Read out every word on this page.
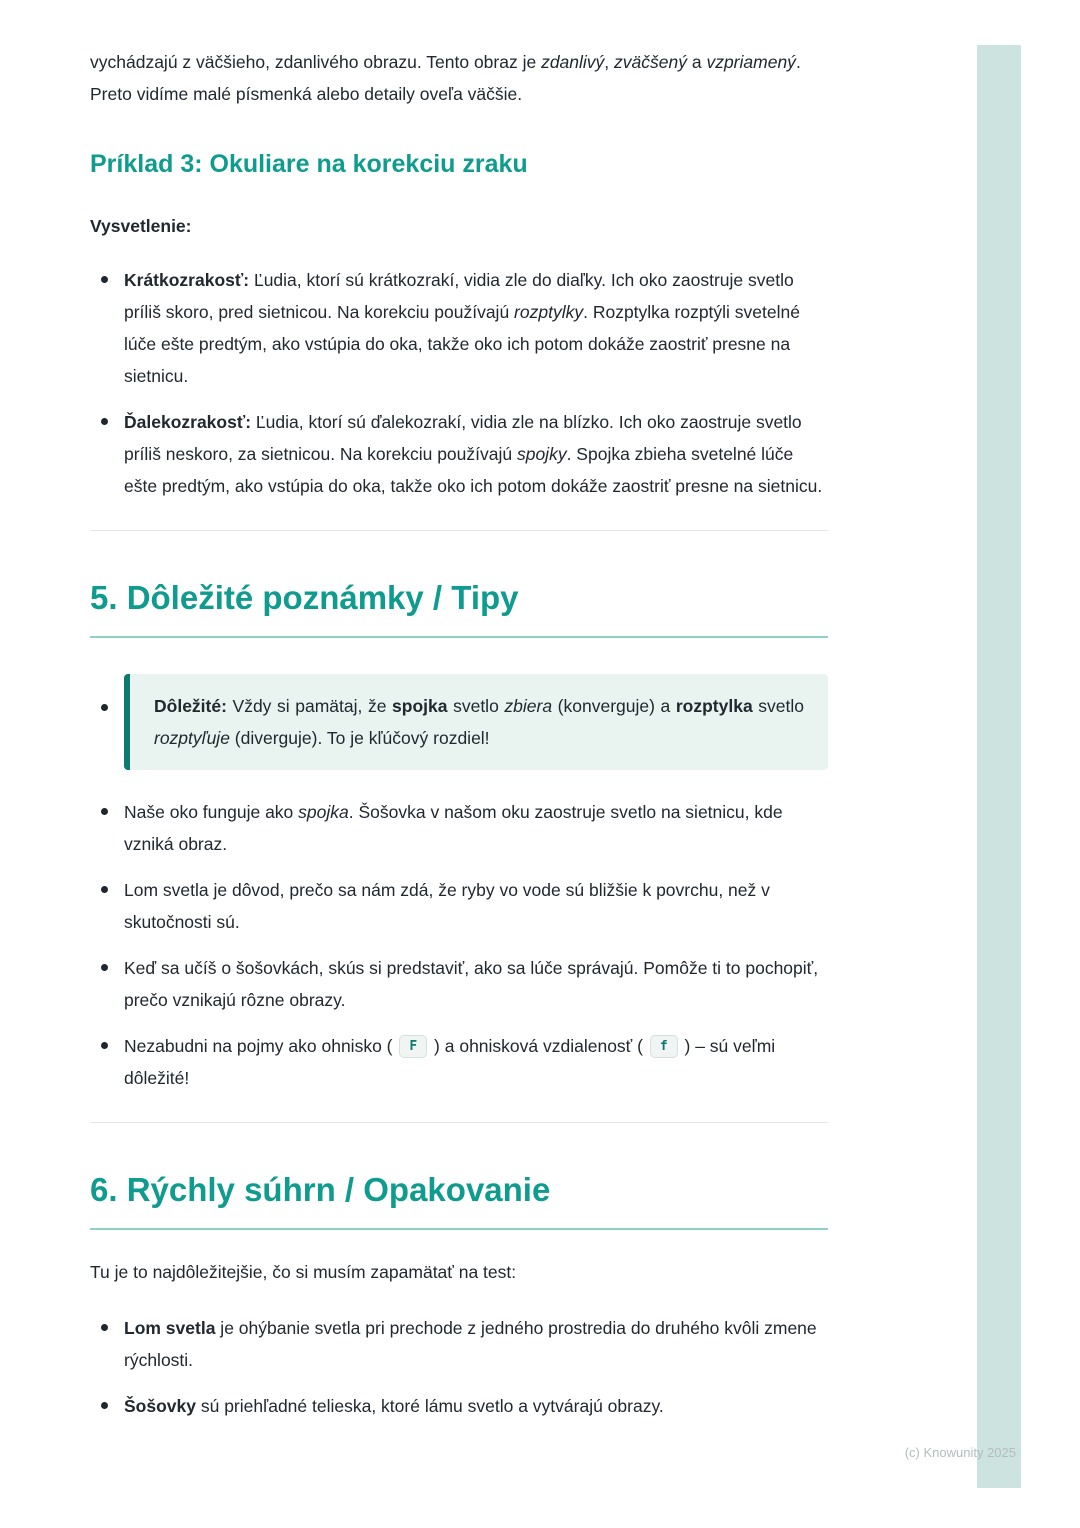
vychádzajú z väčšieho, zdanlivého obrazu. Tento obraz je zdanlivý, zväčšený a vzpriamený. Preto vidíme malé písmenká alebo detaily oveľa väčšie.

Príklad 3: Okuliare na korekciu zraku

Vysvetlenie:

Krátkozrakosť: Ľudia, ktorí sú krátkozrakí, vidia zle do diaľky. Ich oko zaostruje svetlo príliš skoro, pred sietnicou. Na korekciu používajú rozptylky. Rozptylka rozptýli svetelné lúče ešte predtým, ako vstúpia do oka, takže oko ich potom dokáže zaostriť presne na sietnicu.
Ďalekozrakosť: Ľudia, ktorí sú ďalekozrakí, vidia zle na blízko. Ich oko zaostruje svetlo príliš neskoro, za sietnicou. Na korekciu používajú spojky. Spojka zbieha svetelné lúče ešte predtým, ako vstúpia do oka, takže oko ich potom dokáže zaostriť presne na sietnicu.
5. Dôležité poznámky / Tipy
Dôležité: Vždy si pamätaj, že spojka svetlo zbiera (konverguje) a rozptylka svetlo rozptyľuje (diverguje). To je kľúčový rozdiel!
Naše oko funguje ako spojka. Šošovka v našom oku zaostruje svetlo na sietnicu, kde vzniká obraz.
Lom svetla je dôvod, prečo sa nám zdá, že ryby vo vode sú bližšie k povrchu, než v skutočnosti sú.
Keď sa učíš o šošovkách, skús si predstaviť, ako sa lúče správajú. Pomôže ti to pochopiť, prečo vznikajú rôzne obrazy.
Nezabudni na pojmy ako ohnisko ( F ) a ohnisková vzdialenosť ( f ) – sú veľmi dôležité!
6. Rýchly súhrn / Opakovanie

Tu je to najdôležitejšie, čo si musím zapamätať na test:

Lom svetla je ohýbanie svetla pri prechode z jedného prostredia do druhého kvôli zmene rýchlosti.
Šošovky sú priehľadné telieska, ktoré lámu svetlo a vytvárajú obrazy.
(c) Knowunity 2025
